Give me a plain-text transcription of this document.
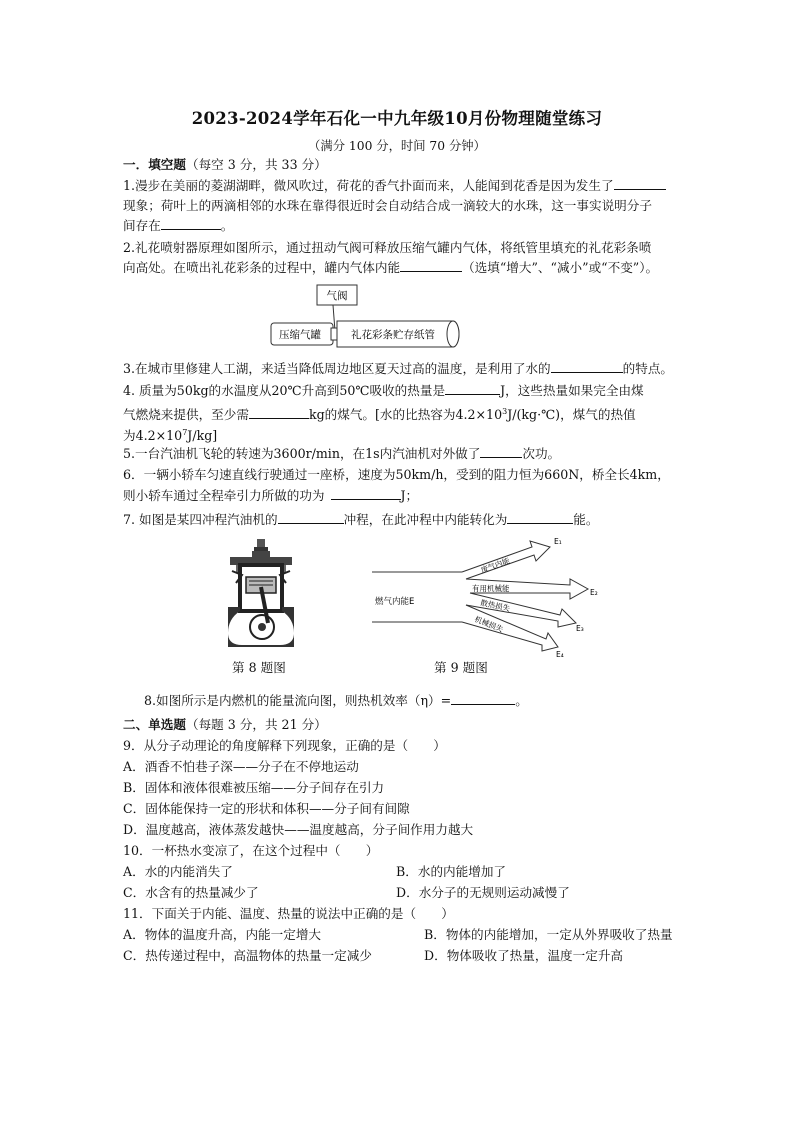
2023-2024学年石化一中九年级10月份物理随堂练习
（满分 100 分，时间 70 分钟）
一．填空题（每空 3 分，共 33 分）
1.漫步在美丽的菱湖湖畔，微风吹过，荷花的香气扑面而来，人能闻到花香是因为发生了
现象；荷叶上的两滴相邻的水珠在靠得很近时会自动结合成一滴较大的水珠，这一事实说明分子
间存在	。
2.礼花喷射器原理如图所示，通过扭动气阀可释放压缩气罐内气体，将纸管里填充的礼花彩条喷
向高处。在喷出礼花彩条的过程中，罐内气体内能	（选填“增大”、“减小”或“不变”）。
气阀
压缩气罐	礼花彩条贮存纸管
3.在城市里修建人工湖，来适当降低周边地区夏天过高的温度，是利用了水的	的特点。
4. 质量为50kg的水温度从20℃升高到50℃吸收的热量是	J，这些热量如果完全由煤
气燃烧来提供，至少需	kg的煤气。[水的比热容为$4.2\times 10^3J/(kg\cdot℃)$，煤气的热值
为$4.2\times 10^7J/kg$]
5.一台汽油机飞轮的转速为3600r/min，在1s内汽油机对外做了	次功。
6．一辆小轿车匀速直线行驶通过一座桥，速度为50km/h，受到的阻力恒为660N，桥全长4km，
则小轿车通过全程牵引力所做的功为	J；
7. 如图是某四冲程汽油机的	冲程，在此冲程中内能转化为	能。
燃气内能E
废气内能
有用机械能
散热损失
机械损失
E₁
E₂
E₃
E₄
第 8 题图	第 9 题图
8.如图所示是内燃机的能量流向图，则热机效率（η）=	。
二、单选题（每题 3 分，共 21 分）
9．从分子动理论的角度解释下列现象，正确的是（　　）
A．酒香不怕巷子深——分子在不停地运动
B．固体和液体很难被压缩——分子间存在引力
C．固体能保持一定的形状和体积——分子间有间隙
D．温度越高，液体蒸发越快——温度越高，分子间作用力越大
10．一杯热水变凉了，在这个过程中（　　）
A．水的内能消失了	B．水的内能增加了
C．水含有的热量减少了	D．水分子的无规则运动减慢了
11．下面关于内能、温度、热量的说法中正确的是（　　）
A．物体的温度升高，内能一定增大	B．物体的内能增加，一定从外界吸收了热量
C．热传递过程中，高温物体的热量一定减少	D．物体吸收了热量，温度一定升高
